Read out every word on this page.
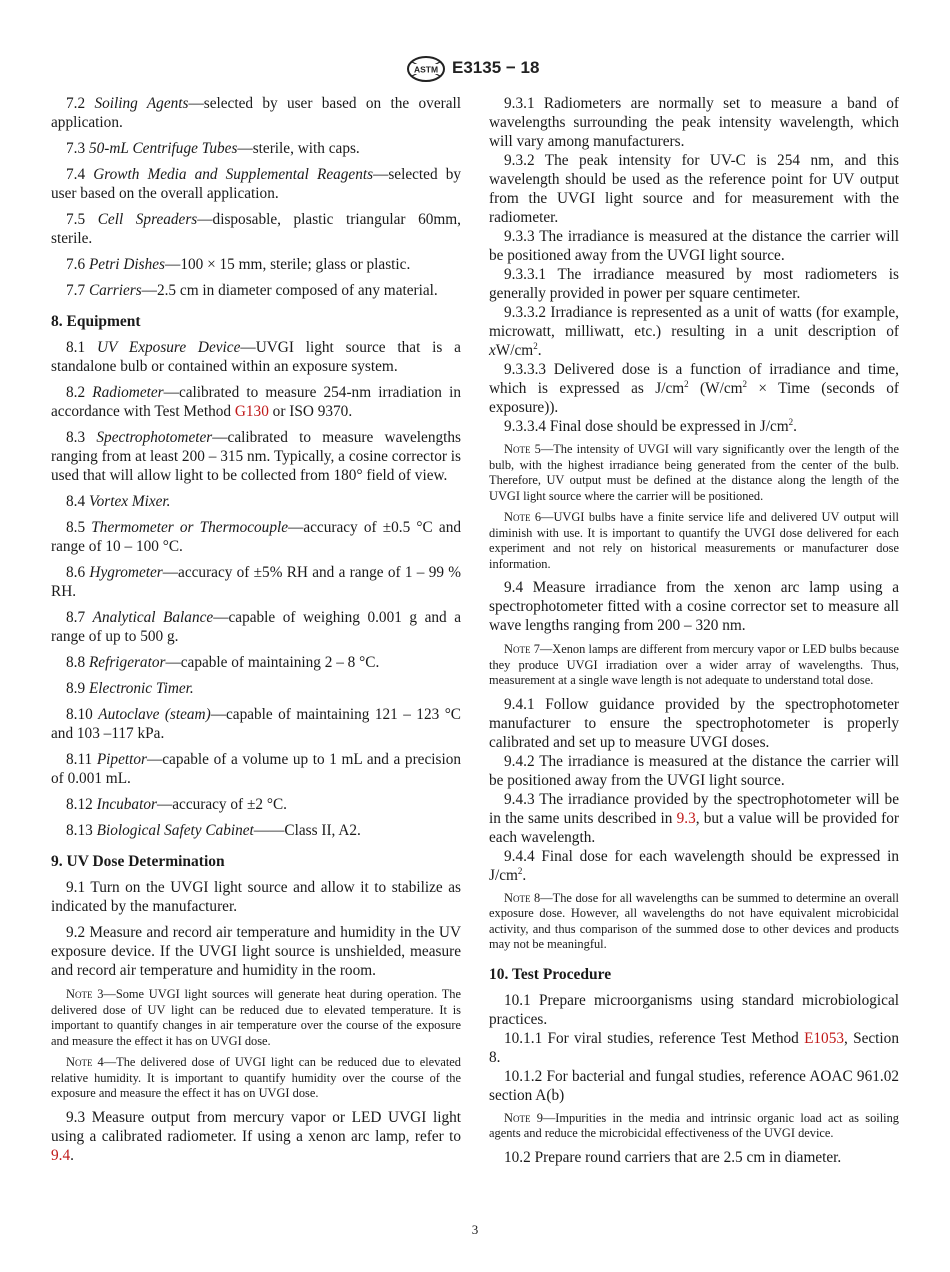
ASTM E3135 − 18

7.2 Soiling Agents—selected by user based on the overall application.

7.3 50-mL Centrifuge Tubes—sterile, with caps.

7.4 Growth Media and Supplemental Reagents—selected by user based on the overall application.

7.5 Cell Spreaders—disposable, plastic triangular 60mm, sterile.

7.6 Petri Dishes—100 × 15 mm, sterile; glass or plastic.

7.7 Carriers—2.5 cm in diameter composed of any material.

8. Equipment

8.1 UV Exposure Device—UVGI light source that is a standalone bulb or contained within an exposure system.

8.2 Radiometer—calibrated to measure 254-nm irradiation in accordance with Test Method G130 or ISO 9370.

8.3 Spectrophotometer—calibrated to measure wavelengths ranging from at least 200 – 315 nm. Typically, a cosine corrector is used that will allow light to be collected from 180° field of view.

8.4 Vortex Mixer.

8.5 Thermometer or Thermocouple—accuracy of ±0.5 °C and range of 10 – 100 °C.

8.6 Hygrometer—accuracy of ±5% RH and a range of 1 – 99 % RH.

8.7 Analytical Balance—capable of weighing 0.001 g and a range of up to 500 g.

8.8 Refrigerator—capable of maintaining 2 – 8 °C.

8.9 Electronic Timer.

8.10 Autoclave (steam)—capable of maintaining 121 – 123 °C and 103 –117 kPa.

8.11 Pipettor—capable of a volume up to 1 mL and a precision of 0.001 mL.

8.12 Incubator—accuracy of ±2 °C.

8.13 Biological Safety Cabinet——Class II, A2.

9. UV Dose Determination

9.1 Turn on the UVGI light source and allow it to stabilize as indicated by the manufacturer.

9.2 Measure and record air temperature and humidity in the UV exposure device. If the UVGI light source is unshielded, measure and record air temperature and humidity in the room.

Note 3—Some UVGI light sources will generate heat during operation. The delivered dose of UV light can be reduced due to elevated temperature. It is important to quantify changes in air temperature over the course of the exposure and measure the effect it has on UVGI dose.

Note 4—The delivered dose of UVGI light can be reduced due to elevated relative humidity. It is important to quantify humidity over the course of the exposure and measure the effect it has on UVGI dose.

9.3 Measure output from mercury vapor or LED UVGI light using a calibrated radiometer. If using a xenon arc lamp, refer to 9.4.

9.3.1 Radiometers are normally set to measure a band of wavelengths surrounding the peak intensity wavelength, which will vary among manufacturers.

9.3.2 The peak intensity for UV-C is 254 nm, and this wavelength should be used as the reference point for UV output from the UVGI light source and for measurement with the radiometer.

9.3.3 The irradiance is measured at the distance the carrier will be positioned away from the UVGI light source.

9.3.3.1 The irradiance measured by most radiometers is generally provided in power per square centimeter.

9.3.3.2 Irradiance is represented as a unit of watts (for example, microwatt, milliwatt, etc.) resulting in a unit description of $xW/cm^2$.

9.3.3.3 Delivered dose is a function of irradiance and time, which is expressed as $J/cm^2$ ($W/cm^2$ × Time (seconds of exposure)).

9.3.3.4 Final dose should be expressed in $J/cm^2$.

Note 5—The intensity of UVGI will vary significantly over the length of the bulb, with the highest irradiance being generated from the center of the bulb. Therefore, UV output must be defined at the distance along the length of the UVGI light source where the carrier will be positioned.

Note 6—UVGI bulbs have a finite service life and delivered UV output will diminish with use. It is important to quantify the UVGI dose delivered for each experiment and not rely on historical measurements or manufacturer dose information.

9.4 Measure irradiance from the xenon arc lamp using a spectrophotometer fitted with a cosine corrector set to measure all wave lengths ranging from 200 – 320 nm.

Note 7—Xenon lamps are different from mercury vapor or LED bulbs because they produce UVGI irradiation over a wider array of wavelengths. Thus, measurement at a single wave length is not adequate to understand total dose.

9.4.1 Follow guidance provided by the spectrophotometer manufacturer to ensure the spectrophotometer is properly calibrated and set up to measure UVGI doses.

9.4.2 The irradiance is measured at the distance the carrier will be positioned away from the UVGI light source.

9.4.3 The irradiance provided by the spectrophotometer will be in the same units described in 9.3, but a value will be provided for each wavelength.

9.4.4 Final dose for each wavelength should be expressed in $J/cm^2$.

Note 8—The dose for all wavelengths can be summed to determine an overall exposure dose. However, all wavelengths do not have equivalent microbicidal activity, and thus comparison of the summed dose to other devices and products may not be meaningful.

10. Test Procedure

10.1 Prepare microorganisms using standard microbiological practices.

10.1.1 For viral studies, reference Test Method E1053, Section 8.

10.1.2 For bacterial and fungal studies, reference AOAC 961.02 section A(b)

Note 9—Impurities in the media and intrinsic organic load act as soiling agents and reduce the microbicidal effectiveness of the UVGI device.

10.2 Prepare round carriers that are 2.5 cm in diameter.

3
